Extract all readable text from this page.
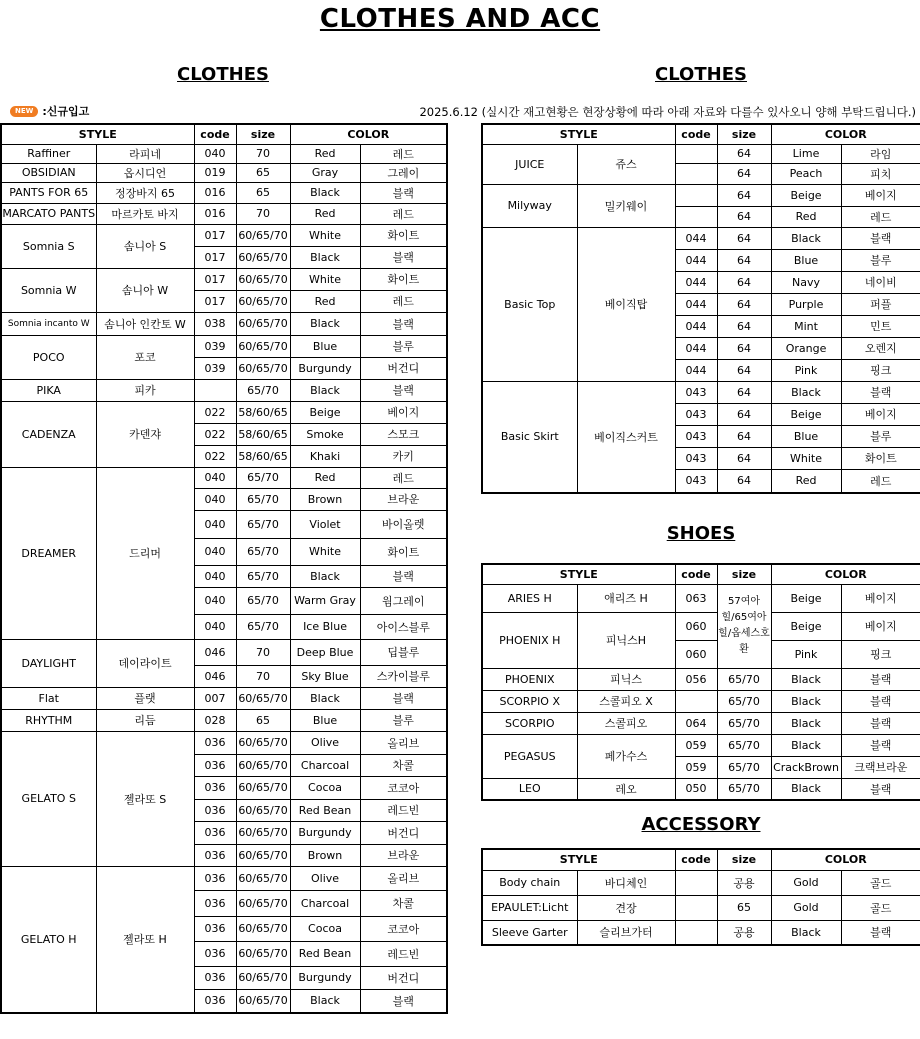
CLOTHES AND ACC
CLOTHES	CLOTHES
NEW :신규입고	2025.6.12 (실시간 재고현황은 현장상황에 따라 아래 자료와 다를수 있사오니 양해 부탁드립니다.)
STYLE		code	size	COLOR	
Raffiner	라피네	040	70	Red	레드
OBSIDIAN	옵시디언	019	65	Gray	그레이
PANTS FOR 65	정장바지 65	016	65	Black	블랙
MARCATO PANTS	마르카토 바지	016	70	Red	레드
Somnia S	솜니아 S	017	60/65/70	White	화이트
		017	60/65/70	Black	블랙
Somnia W	솜니아 W	017	60/65/70	White	화이트
		017	60/65/70	Red	레드
Somnia incanto W	솜니아 인칸토 W	038	60/65/70	Black	블랙
POCO	포코	039	60/65/70	Blue	블루
		039	60/65/70	Burgundy	버건디
PIKA	피카		65/70	Black	블랙
CADENZA	카덴쟈	022	58/60/65	Beige	베이지
		022	58/60/65	Smoke	스모크
		022	58/60/65	Khaki	카키
DREAMER	드리머	040	65/70	Red	레드
		040	65/70	Brown	브라운
		040	65/70	Violet	바이올렛
		040	65/70	White	화이트
		040	65/70	Black	블랙
		040	65/70	Warm Gray	웜그레이
		040	65/70	Ice Blue	아이스블루
DAYLIGHT	데이라이트	046	70	Deep Blue	딥블루
		046	70	Sky Blue	스카이블루
Flat	플랫	007	60/65/70	Black	블랙
RHYTHM	리듬	028	65	Blue	블루
GELATO S	젤라또 S	036	60/65/70	Olive	올리브
		036	60/65/70	Charcoal	차콜
		036	60/65/70	Cocoa	코코아
		036	60/65/70	Red Bean	레드빈
		036	60/65/70	Burgundy	버건디
		036	60/65/70	Brown	브라운
GELATO H	젤라또 H	036	60/65/70	Olive	올리브
		036	60/65/70	Charcoal	차콜
		036	60/65/70	Cocoa	코코아
		036	60/65/70	Red Bean	레드빈
		036	60/65/70	Burgundy	버건디
		036	60/65/70	Black	블랙
STYLE		code	size	COLOR	
JUICE	쥬스		64	Lime	라임
			64	Peach	피치
Milyway	밀키웨이		64	Beige	베이지
			64	Red	레드
Basic Top	베이직탑	044	64	Black	블랙
		044	64	Blue	블루
		044	64	Navy	네이비
		044	64	Purple	퍼플
		044	64	Mint	민트
		044	64	Orange	오렌지
		044	64	Pink	핑크
Basic Skirt	베이직스커트	043	64	Black	블랙
		043	64	Beige	베이지
		043	64	Blue	블루
		043	64	White	화이트
		043	64	Red	레드
SHOES
STYLE		code	size	COLOR	
ARIES H	애리즈 H	063	57여아힐/65여아힐/옵세스호환	Beige	베이지
PHOENIX H	피닉스H	060		Beige	베이지
		060		Pink	핑크
PHOENIX	피닉스	056	65/70	Black	블랙
SCORPIO X	스콜피오 X		65/70	Black	블랙
SCORPIO	스콜피오	064	65/70	Black	블랙
PEGASUS	페가수스	059	65/70	Black	블랙
		059	65/70	CrackBrown	크랙브라운
LEO	레오	050	65/70	Black	블랙
ACCESSORY
STYLE		code	size	COLOR	
Body chain	바디체인		공용	Gold	골드
EPAULET:Licht	견장		65	Gold	골드
Sleeve Garter	슬리브가터		공용	Black	블랙
